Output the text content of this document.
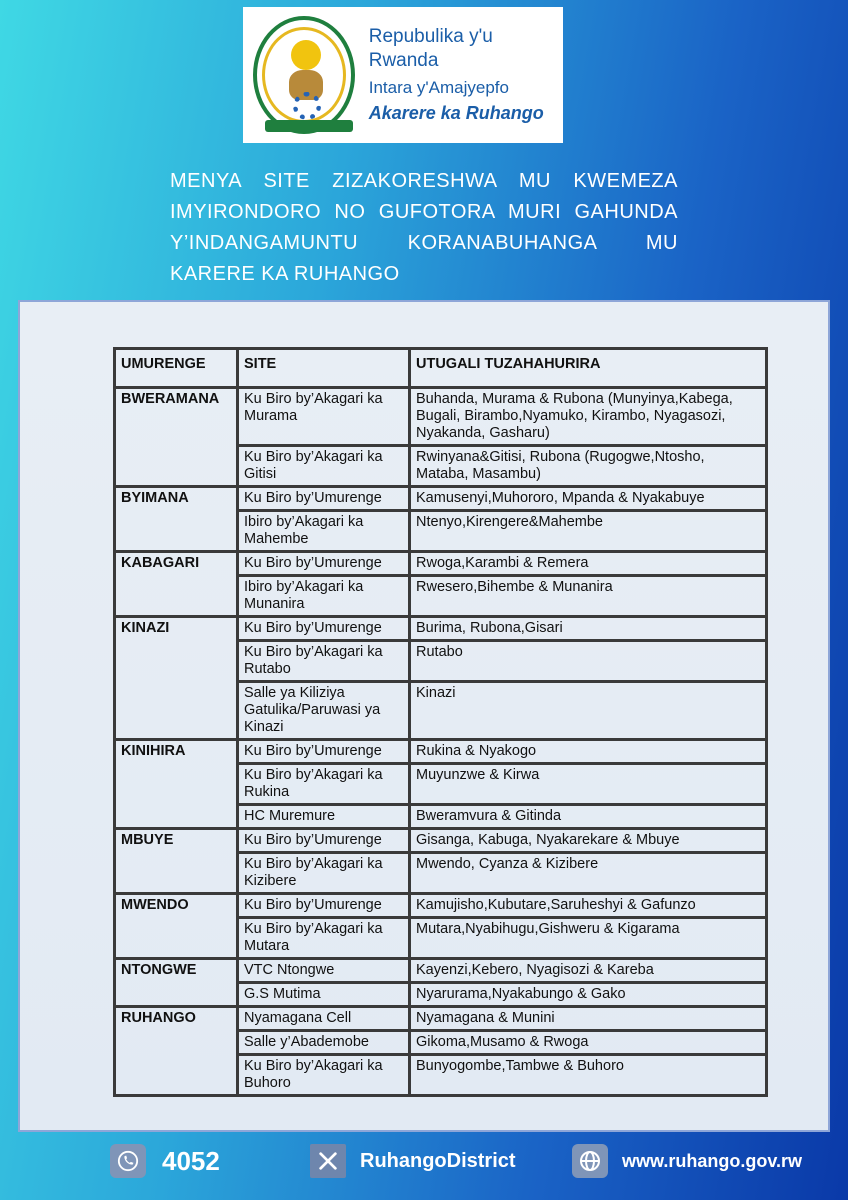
Repubulika y'u Rwanda
Intara y'Amajyepfo
Akarere ka Ruhango
MENYA SITE ZIZAKORESHWA MU KWEMEZA IMYIRONDORO NO GUFOTORA MURI GAHUNDA Y’INDANGAMUNTU KORANABUHANGA MU KARERE KA RUHANGO
UMURENGE	SITE	UTUGALI TUZAHAHURIRA
BWERAMANA	Ku Biro by’Akagari ka Murama	Buhanda, Murama & Rubona (Munyinya,Kabega, Bugali, Birambo,Nyamuko, Kirambo, Nyagasozi, Nyakanda, Gasharu)
	Ku Biro by’Akagari ka Gitisi	Rwinyana&Gitisi, Rubona (Rugogwe,Ntosho, Mataba, Masambu)
BYIMANA	Ku Biro by’Umurenge	Kamusenyi,Muhororo, Mpanda & Nyakabuye
	Ibiro by’Akagari ka Mahembe	Ntenyo,Kirengere&Mahembe
KABAGARI	Ku Biro by’Umurenge	Rwoga,Karambi & Remera
	Ibiro by’Akagari ka Munanira	Rwesero,Bihembe & Munanira
KINAZI	Ku Biro by’Umurenge	Burima, Rubona,Gisari
	Ku Biro by’Akagari ka Rutabo	Rutabo
	Salle ya Kiliziya Gatulika/Paruwasi ya Kinazi	Kinazi
KINIHIRA	Ku Biro by’Umurenge	Rukina & Nyakogo
	Ku Biro by’Akagari ka Rukina	Muyunzwe & Kirwa
	HC Muremure	Bweramvura & Gitinda
MBUYE	Ku Biro by’Umurenge	Gisanga, Kabuga, Nyakarekare & Mbuye
	Ku Biro by’Akagari ka Kizibere	Mwendo, Cyanza & Kizibere
MWENDO	Ku Biro by’Umurenge	Kamujisho,Kubutare,Saruheshyi & Gafunzo
	Ku Biro by’Akagari ka Mutara	Mutara,Nyabihugu,Gishweru & Kigarama
NTONGWE	VTC Ntongwe	Kayenzi,Kebero, Nyagisozi & Kareba
	G.S Mutima	Nyarurama,Nyakabungo & Gako
RUHANGO	Nyamagana Cell	Nyamagana & Munini
	Salle y’Abademobe	Gikoma,Musamo & Rwoga
	Ku Biro by’Akagari ka Buhoro	Bunyogombe,Tambwe & Buhoro
4052	RuhangoDistrict	www.ruhango.gov.rw
